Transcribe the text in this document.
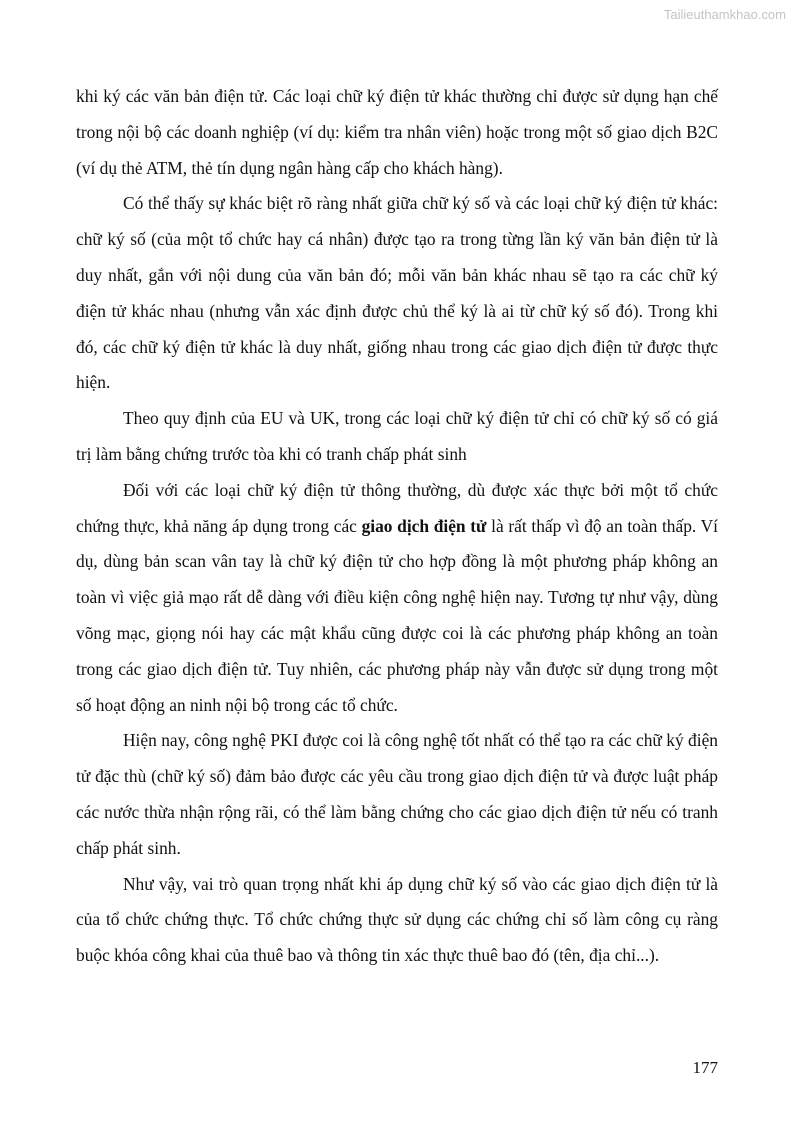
Tailieuthamkhao.com

khi ký các văn bản điện tử. Các loại chữ ký điện tử khác thường chỉ được sử dụng hạn chế trong nội bộ các doanh nghiệp (ví dụ: kiểm tra nhân viên) hoặc trong một số giao dịch B2C (ví dụ thẻ ATM, thẻ tín dụng ngân hàng cấp cho khách hàng).

Có thể thấy sự khác biệt rõ ràng nhất giữa chữ ký số và các loại chữ ký điện tử khác: chữ ký số (của một tổ chức hay cá nhân) được tạo ra trong từng lần ký văn bản điện tử là duy nhất, gắn với nội dung của văn bản đó; mỗi văn bản khác nhau sẽ tạo ra các chữ ký điện tử khác nhau (nhưng vẫn xác định được chủ thể ký là ai từ chữ ký số đó). Trong khi đó, các chữ ký điện tử khác là duy nhất, giống nhau trong các giao dịch điện tử được thực hiện.

Theo quy định của EU và UK, trong các loại chữ ký điện tử chỉ có chữ ký số có giá trị làm bằng chứng trước tòa khi có tranh chấp phát sinh

Đối với các loại chữ ký điện tử thông thường, dù được xác thực bởi một tổ chức chứng thực, khả năng áp dụng trong các giao dịch điện tử là rất thấp vì độ an toàn thấp. Ví dụ, dùng bản scan vân tay là chữ ký điện tử cho hợp đồng là một phương pháp không an toàn vì việc giả mạo rất dễ dàng với điều kiện công nghệ hiện nay. Tương tự như vậy, dùng võng mạc, giọng nói hay các mật khẩu cũng được coi là các phương pháp không an toàn trong các giao dịch điện tử. Tuy nhiên, các phương pháp này vẫn được sử dụng trong một số hoạt động an ninh nội bộ trong các tổ chức.

Hiện nay, công nghệ PKI được coi là công nghệ tốt nhất có thể tạo ra các chữ ký điện tử đặc thù (chữ ký số) đảm bảo được các yêu cầu trong giao dịch điện tử và được luật pháp các nước thừa nhận rộng rãi, có thể làm bằng chứng cho các giao dịch điện tử nếu có tranh chấp phát sinh.

Như vậy, vai trò quan trọng nhất khi áp dụng chữ ký số vào các giao dịch điện tử là của tổ chức chứng thực. Tổ chức chứng thực sử dụng các chứng chỉ số làm công cụ ràng buộc khóa công khai của thuê bao và thông tin xác thực thuê bao đó (tên, địa chỉ...).

177
